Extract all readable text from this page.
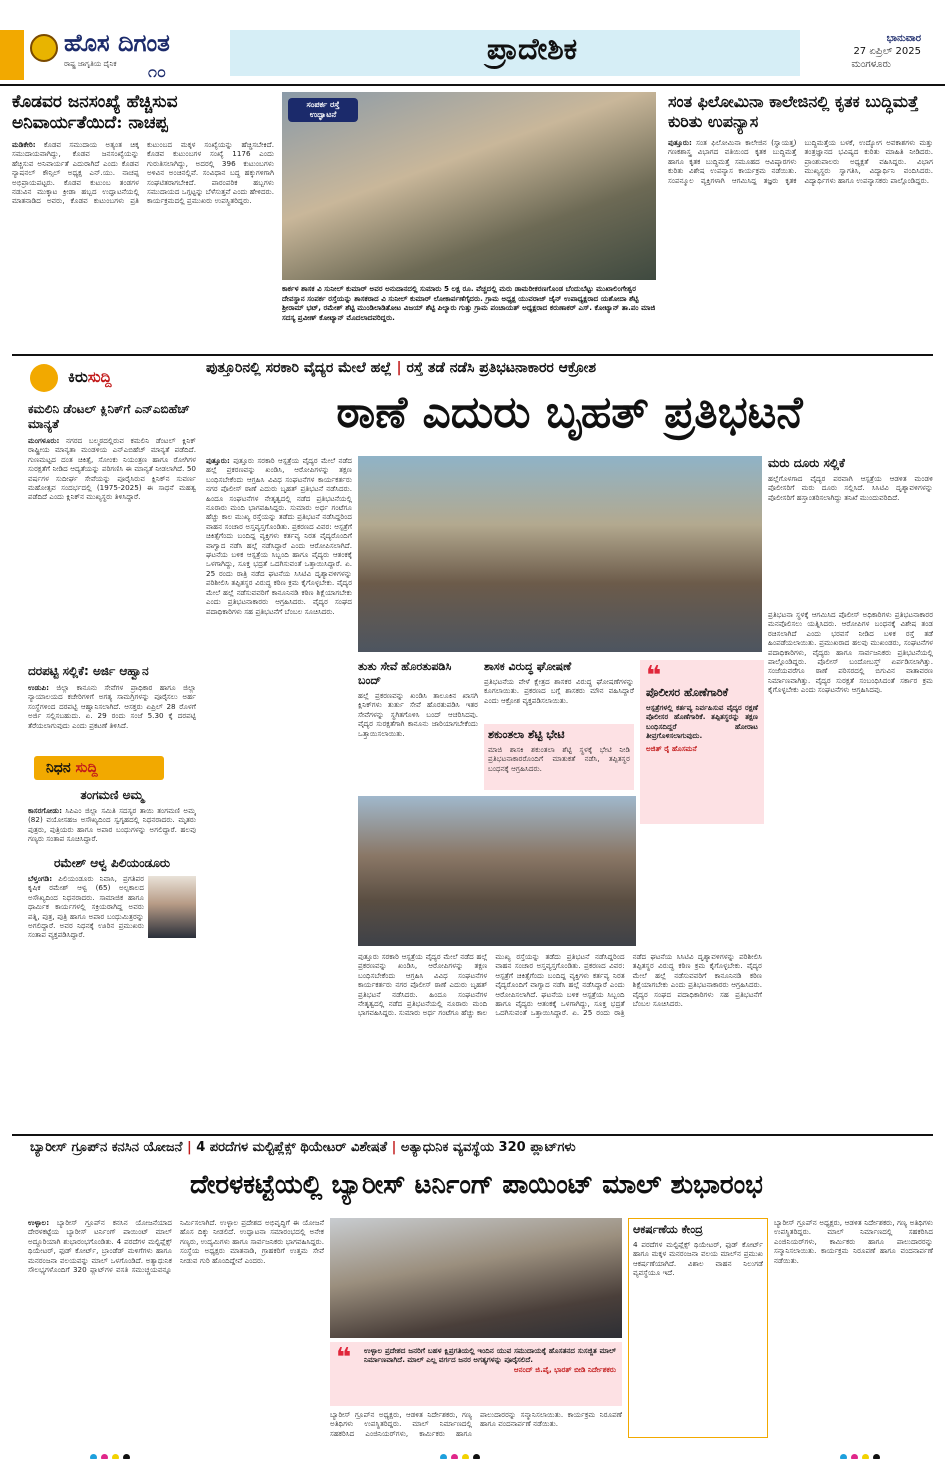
ಹೊಸ ದಿಗಂತ
ರಾಷ್ಟ್ರ ಜಾಗೃತಿಯ ದೈನಿಕ ೧೦
ಪ್ರಾದೇಶಿಕ	ಭಾನುವಾರ
27 ಏಪ್ರಿಲ್ 2025
ಮಂಗಳೂರು
ಕೊಡವರ ಜನಸಂಖ್ಯೆ ಹೆಚ್ಚಿಸುವ ಅನಿವಾರ್ಯತೆಯಿದೆ: ನಾಚಪ್ಪ
ಮಡಿಕೇರಿ: ಕೊಡವ ಸಮುದಾಯ ಅತ್ಯಂತ ಚಿಕ್ಕ ಸಮುದಾಯವಾಗಿದ್ದು, ಕೊಡವ ಜನಸಂಖ್ಯೆಯನ್ನು ಹೆಚ್ಚಿಸುವ ಅನಿವಾರ್ಯತೆ ಎದುರಾಗಿದೆ ಎಂದು ಕೊಡವ ನ್ಯಾಷನಲ್ ಕೌನ್ಸಿಲ್ ಅಧ್ಯಕ್ಷ ಎನ್.ಯು. ನಾಚಪ್ಪ ಅಭಿಪ್ರಾಯಪಟ್ಟರು. ಕೊಡವ ಕುಟುಂಬ ತಂಡಗಳ ನಡುವಿನ ಮುಕ್ಕಾಟ ಕ್ರೀಡಾ ಹಬ್ಬದ ಉದ್ಘಾಟನೆಯಲ್ಲಿ ಮಾತನಾಡಿದ ಅವರು, ಕೊಡವ ಕುಟುಂಬಗಳು ಪ್ರತಿ ಕುಟುಂಬದ ಮಕ್ಕಳ ಸಂಖ್ಯೆಯನ್ನು ಹೆಚ್ಚಿಸಬೇಕಿದೆ. ಕೊಡವ ಕುಟುಂಬಗಳ ಸಂಖ್ಯೆ 1176 ಎಂದು ಗುರುತಿಸಲಾಗಿದ್ದು, ಅದರಲ್ಲಿ 396 ಕುಟುಂಬಗಳು ಅಳಿವಿನ ಅಂಚಿನಲ್ಲಿವೆ. ಸಂವಿಧಾನ ಬದ್ಧ ಹಕ್ಕುಗಳಿಗಾಗಿ ಸಂಘಟಿತರಾಗಬೇಕಿದೆ. ಪಾರಂಪರಿಕ ಹಬ್ಬಗಳು ಸಮುದಾಯದ ಒಗ್ಗಟ್ಟನ್ನು ಬೆಳೆಸುತ್ತವೆ ಎಂದು ಹೇಳಿದರು. ಕಾರ್ಯಕ್ರಮದಲ್ಲಿ ಪ್ರಮುಖರು ಉಪಸ್ಥಿತರಿದ್ದರು.
ಸಂಪರ್ಕ ರಸ್ತೆ ಉದ್ಘಾಟನೆ
ಕಾರ್ಕಳ ಶಾಸಕ ವಿ ಸುನೀಲ್ ಕುಮಾರ್ ಅವರ ಅನುದಾನದಲ್ಲಿ ಸುಮಾರು 5 ಲಕ್ಷ ರೂ. ವೆಚ್ಚದಲ್ಲಿ ಮರು ಡಾಮರೀಕರಣಗೊಂಡ ಬೆಂದುಬೆಟ್ಟು ಮುಖಾಲಿಂಗೇಶ್ವರ ದೇವಸ್ಥಾನ ಸಂಪರ್ಕ ರಸ್ತೆಯನ್ನು ಶಾಸಕರಾದ ವಿ ಸುನೀಲ್ ಕುಮಾರ್ ಲೋಕಾರ್ಪಣೆಗೈದರು. ಗ್ರಾಮ ಅಧ್ಯಕ್ಷ ಯುವರಾಜ್ ಜೈನ್ ಉಪಾಧ್ಯಕ್ಷರಾದ ಯಶೋದಾ ಶೆಟ್ಟಿ ಶ್ರೀರಾಮ್ ಭಟ್, ರಮೇಶ್ ಶೆಟ್ಟಿ ಮುಂಡಿಲಾಡಿತೋಟ ವಿಜಯ್ ಶೆಟ್ಟಿ ಪಿಲ್ಯಾರು ಗುತ್ತು ಗ್ರಾಮ ಪಂಚಾಯತ್ ಅಧ್ಯಕ್ಷರಾದ ಕರುಣಾಕರ್ ಎಸ್. ಕೋಟ್ಯಾನ್ ತಾ.ಪಂ ಮಾಜಿ ಸದಸ್ಯ ಪ್ರವೀಣ್ ಕೋಟ್ಯಾನ್ ಮೊದಲಾದವರಿದ್ದರು.
ಸಂತ ಫಿಲೋಮಿನಾ ಕಾಲೇಜಿನಲ್ಲಿ ಕೃತಕ ಬುದ್ಧಿಮತ್ತೆ ಕುರಿತು ಉಪನ್ಯಾಸ
ಪುತ್ತೂರು: ಸಂತ ಫಿಲೋಮಿನಾ ಕಾಲೇಜಿನ (ಸ್ವಾಯತ್ತ) ಗಣಕಶಾಸ್ತ್ರ ವಿಭಾಗದ ವತಿಯಿಂದ ಕೃತಕ ಬುದ್ಧಿಮತ್ತೆ ಹಾಗೂ ಕೃತಕ ಬುದ್ಧಿಮತ್ತೆ ಸಮೂಹದ ಆವಿಷ್ಕಾರಗಳು ಕುರಿತು ವಿಶೇಷ ಉಪನ್ಯಾಸ ಕಾರ್ಯಕ್ರಮ ನಡೆಯಿತು. ಸಂಪನ್ಮೂಲ ವ್ಯಕ್ತಿಗಳಾಗಿ ಆಗಮಿಸಿದ್ದ ತಜ್ಞರು ಕೃತಕ ಬುದ್ಧಿಮತ್ತೆಯ ಬಳಕೆ, ಉದ್ಯೋಗ ಅವಕಾಶಗಳು ಮತ್ತು ತಂತ್ರಜ್ಞಾನದ ಭವಿಷ್ಯದ ಕುರಿತು ಮಾಹಿತಿ ನೀಡಿದರು. ಪ್ರಾಂಶುಪಾಲರು ಅಧ್ಯಕ್ಷತೆ ವಹಿಸಿದ್ದರು. ವಿಭಾಗ ಮುಖ್ಯಸ್ಥರು ಸ್ವಾಗತಿಸಿ, ವಿದ್ಯಾರ್ಥಿನಿ ವಂದಿಸಿದರು. ವಿದ್ಯಾರ್ಥಿಗಳು ಹಾಗೂ ಉಪನ್ಯಾಸಕರು ಪಾಲ್ಗೊಂಡಿದ್ದರು.
ಕಿರುಸುದ್ದಿ
ಕಮಲಿನಿ ಡೆಂಟಲ್ ಕ್ಲಿನಿಕ್‌ಗೆ ಎನ್‌ಎಬಿಹೆಚ್ ಮಾನ್ಯತೆ
ಮಂಗಳೂರು: ನಗರದ ಬಲ್ಮಠದಲ್ಲಿರುವ ಕಮಲಿನಿ ಡೆಂಟಲ್ ಕ್ಲಿನಿಕ್ ರಾಷ್ಟ್ರೀಯ ಮಾನ್ಯತಾ ಮಂಡಳಿಯ ಎನ್‌ಎಬಿಹೆಚ್ ಮಾನ್ಯತೆ ಪಡೆದಿದೆ. ಗುಣಮಟ್ಟದ ದಂತ ಚಿಕಿತ್ಸೆ, ಸೋಂಕು ನಿಯಂತ್ರಣ ಹಾಗೂ ರೋಗಿಗಳ ಸುರಕ್ಷತೆಗೆ ನೀಡಿದ ಆದ್ಯತೆಯನ್ನು ಪರಿಗಣಿಸಿ ಈ ಮಾನ್ಯತೆ ನೀಡಲಾಗಿದೆ. 50 ವರ್ಷಗಳ ಸುದೀರ್ಘ ಸೇವೆಯನ್ನು ಪೂರೈಸಿರುವ ಕ್ಲಿನಿಕ್‌ನ ಸುವರ್ಣ ಮಹೋತ್ಸವ ಸಂದರ್ಭದಲ್ಲಿ (1975-2025) ಈ ಸಾಧನೆ ಮಹತ್ವ ಪಡೆದಿದೆ ಎಂದು ಕ್ಲಿನಿಕ್‌ನ ಮುಖ್ಯಸ್ಥರು ತಿಳಿಸಿದ್ದಾರೆ.
ದರಪಟ್ಟಿ ಸಲ್ಲಿಕೆ: ಅರ್ಜಿ ಆಹ್ವಾನ
ಉಡುಪಿ: ಜಿಲ್ಲಾ ಕಾನೂನು ಸೇವೆಗಳ ಪ್ರಾಧಿಕಾರ ಹಾಗೂ ಜಿಲ್ಲಾ ನ್ಯಾಯಾಲಯದ ಕಚೇರಿಗಳಿಗೆ ಅಗತ್ಯ ಸಾಮಗ್ರಿಗಳನ್ನು ಪೂರೈಸಲು ಅರ್ಹ ಸಂಸ್ಥೆಗಳಿಂದ ದರಪಟ್ಟಿ ಆಹ್ವಾನಿಸಲಾಗಿದೆ. ಆಸಕ್ತರು ಏಪ್ರಿಲ್ 28 ರೊಳಗೆ ಅರ್ಜಿ ಸಲ್ಲಿಸಬಹುದು. ಏ. 29 ರಂದು ಸಂಜೆ 5.30 ಕ್ಕೆ ದರಪಟ್ಟಿ ತೆರೆಯಲಾಗುವುದು ಎಂದು ಪ್ರಕಟಣೆ ತಿಳಿಸಿದೆ.
ನಿಧನ ಸುದ್ದಿ
ತಂಗಮಣಿ ಅಮ್ಮ
ಕಾಸರಗೋಡು: ಸಿಪಿಎಂ ಜಿಲ್ಲಾ ಸಮಿತಿ ಸದಸ್ಯರ ತಾಯಿ ತಂಗಮಣಿ ಅಮ್ಮ (82) ವಯೋಸಹಜ ಅಸೌಖ್ಯದಿಂದ ಸ್ವಗೃಹದಲ್ಲಿ ನಿಧನರಾದರು. ಮೃತರು ಪುತ್ರರು, ಪುತ್ರಿಯರು ಹಾಗೂ ಅಪಾರ ಬಂಧುಗಳನ್ನು ಅಗಲಿದ್ದಾರೆ. ಹಲವು ಗಣ್ಯರು ಸಂತಾಪ ಸೂಚಿಸಿದ್ದಾರೆ.
ರಮೇಶ್ ಆಳ್ವ ಪಿಲಿಯಂಡೂರು
ಬೆಳ್ತಂಗಡಿ: ಪಿಲಿಯಂಡೂರು ನಿವಾಸಿ, ಪ್ರಗತಿಪರ ಕೃಷಿಕ ರಮೇಶ್ ಆಳ್ವ (65) ಅಲ್ಪಕಾಲದ ಅಸೌಖ್ಯದಿಂದ ನಿಧನರಾದರು. ಸಾಮಾಜಿಕ ಹಾಗೂ ಧಾರ್ಮಿಕ ಕಾರ್ಯಗಳಲ್ಲಿ ಸಕ್ರಿಯರಾಗಿದ್ದ ಅವರು ಪತ್ನಿ, ಪುತ್ರ, ಪುತ್ರಿ ಹಾಗೂ ಅಪಾರ ಬಂಧುಮಿತ್ರರನ್ನು ಅಗಲಿದ್ದಾರೆ. ಅವರ ನಿಧನಕ್ಕೆ ಊರಿನ ಪ್ರಮುಖರು ಸಂತಾಪ ವ್ಯಕ್ತಪಡಿಸಿದ್ದಾರೆ.
ಪುತ್ತೂರಿನಲ್ಲಿ ಸರಕಾರಿ ವೈದ್ಯರ ಮೇಲೆ ಹಲ್ಲೆ | ರಸ್ತೆ ತಡೆ ನಡೆಸಿ ಪ್ರತಿಭಟನಾಕಾರರ ಆಕ್ರೋಶ
ಠಾಣೆ ಎದುರು ಬೃಹತ್ ಪ್ರತಿಭಟನೆ
ಪುತ್ತೂರು: ಪುತ್ತೂರು ಸರಕಾರಿ ಆಸ್ಪತ್ರೆಯ ವೈದ್ಯರ ಮೇಲೆ ನಡೆದ ಹಲ್ಲೆ ಪ್ರಕರಣವನ್ನು ಖಂಡಿಸಿ, ಆರೋಪಿಗಳನ್ನು ತಕ್ಷಣ ಬಂಧಿಸಬೇಕೆಂದು ಆಗ್ರಹಿಸಿ ವಿವಿಧ ಸಂಘಟನೆಗಳ ಕಾರ್ಯಕರ್ತರು ನಗರ ಪೊಲೀಸ್ ಠಾಣೆ ಎದುರು ಬೃಹತ್ ಪ್ರತಿಭಟನೆ ನಡೆಸಿದರು. ಹಿಂದೂ ಸಂಘಟನೆಗಳ ನೇತೃತ್ವದಲ್ಲಿ ನಡೆದ ಪ್ರತಿಭಟನೆಯಲ್ಲಿ ನೂರಾರು ಮಂದಿ ಭಾಗವಹಿಸಿದ್ದರು. ಸುಮಾರು ಅರ್ಧ ಗಂಟೆಗೂ ಹೆಚ್ಚು ಕಾಲ ಮುಖ್ಯ ರಸ್ತೆಯನ್ನು ತಡೆದು ಪ್ರತಿಭಟನೆ ನಡೆಸಿದ್ದರಿಂದ ವಾಹನ ಸಂಚಾರ ಅಸ್ತವ್ಯಸ್ತಗೊಂಡಿತು. ಪ್ರಕರಣದ ವಿವರ: ಆಸ್ಪತ್ರೆಗೆ ಚಿಕಿತ್ಸೆಗೆಂದು ಬಂದಿದ್ದ ವ್ಯಕ್ತಿಗಳು ಕರ್ತವ್ಯ ನಿರತ ವೈದ್ಯರೊಂದಿಗೆ ವಾಗ್ವಾದ ನಡೆಸಿ ಹಲ್ಲೆ ನಡೆಸಿದ್ದಾರೆ ಎಂದು ಆರೋಪಿಸಲಾಗಿದೆ. ಘಟನೆಯ ಬಳಿಕ ಆಸ್ಪತ್ರೆಯ ಸಿಬ್ಬಂದಿ ಹಾಗೂ ವೈದ್ಯರು ಆತಂಕಕ್ಕೆ ಒಳಗಾಗಿದ್ದು, ಸೂಕ್ತ ಭದ್ರತೆ ಒದಗಿಸುವಂತೆ ಒತ್ತಾಯಿಸಿದ್ದಾರೆ. ಏ. 25 ರಂದು ರಾತ್ರಿ ನಡೆದ ಘಟನೆಯ ಸಿಸಿಟಿವಿ ದೃಶ್ಯಾವಳಿಗಳನ್ನು ಪರಿಶೀಲಿಸಿ ತಪ್ಪಿತಸ್ಥರ ವಿರುದ್ಧ ಕಠಿಣ ಕ್ರಮ ಕೈಗೊಳ್ಳಬೇಕು. ವೈದ್ಯರ ಮೇಲೆ ಹಲ್ಲೆ ನಡೆಸುವವರಿಗೆ ಕಾನೂನಿನಡಿ ಕಠಿಣ ಶಿಕ್ಷೆಯಾಗಬೇಕು ಎಂದು ಪ್ರತಿಭಟನಾಕಾರರು ಆಗ್ರಹಿಸಿದರು. ವೈದ್ಯರ ಸಂಘದ ಪದಾಧಿಕಾರಿಗಳು ಸಹ ಪ್ರತಿಭಟನೆಗೆ ಬೆಂಬಲ ಸೂಚಿಸಿದರು.
ಮರು ದೂರು ಸಲ್ಲಿಕೆ
ಹಲ್ಲೆಗೊಳಗಾದ ವೈದ್ಯರ ಪರವಾಗಿ ಆಸ್ಪತ್ರೆಯ ಆಡಳಿತ ಮಂಡಳಿ ಪೊಲೀಸರಿಗೆ ಮರು ದೂರು ಸಲ್ಲಿಸಿದೆ. ಸಿಸಿಟಿವಿ ದೃಶ್ಯಾವಳಿಗಳನ್ನು ಪೊಲೀಸರಿಗೆ ಹಸ್ತಾಂತರಿಸಲಾಗಿದ್ದು ತನಿಖೆ ಮುಂದುವರಿದಿದೆ.
ತುತು ಸೇವೆ ಹೊರತುಪಡಿಸಿ ಬಂದ್
ಹಲ್ಲೆ ಪ್ರಕರಣವನ್ನು ಖಂಡಿಸಿ ತಾಲೂಕಿನ ಖಾಸಗಿ ಕ್ಲಿನಿಕ್‌ಗಳು ತುರ್ತು ಸೇವೆ ಹೊರತುಪಡಿಸಿ ಇತರ ಸೇವೆಗಳನ್ನು ಸ್ಥಗಿತಗೊಳಿಸಿ ಬಂದ್ ಆಚರಿಸಿದವು. ವೈದ್ಯರ ಸುರಕ್ಷತೆಗಾಗಿ ಕಾನೂನು ಜಾರಿಯಾಗಬೇಕೆಂದು ಒತ್ತಾಯಿಸಲಾಯಿತು.
ಶಾಸಕ ವಿರುದ್ಧ ಘೋಷಣೆ
ಪ್ರತಿಭಟನೆಯ ವೇಳೆ ಕ್ಷೇತ್ರದ ಶಾಸಕರ ವಿರುದ್ಧ ಘೋಷಣೆಗಳನ್ನು ಕೂಗಲಾಯಿತು. ಪ್ರಕರಣದ ಬಗ್ಗೆ ಶಾಸಕರು ಮೌನ ವಹಿಸಿದ್ದಾರೆ ಎಂದು ಆಕ್ರೋಶ ವ್ಯಕ್ತಪಡಿಸಲಾಯಿತು.
ಶಕುಂತಲಾ ಶೆಟ್ಟಿ ಭೇಟಿ
ಮಾಜಿ ಶಾಸಕಿ ಶಕುಂತಲಾ ಶೆಟ್ಟಿ ಸ್ಥಳಕ್ಕೆ ಭೇಟಿ ನೀಡಿ ಪ್ರತಿಭಟನಾಕಾರರೊಂದಿಗೆ ಮಾತುಕತೆ ನಡೆಸಿ, ತಪ್ಪಿತಸ್ಥರ ಬಂಧನಕ್ಕೆ ಆಗ್ರಹಿಸಿದರು.
❝
ಪೊಲೀಸರ ಹೊಣೆಗಾರಿಕೆ
ಆಸ್ಪತ್ರೆಗಳಲ್ಲಿ ಕರ್ತವ್ಯ ನಿರ್ವಹಿಸುವ ವೈದ್ಯರ ರಕ್ಷಣೆ ಪೊಲೀಸರ ಹೊಣೆಗಾರಿಕೆ. ತಪ್ಪಿತಸ್ಥರನ್ನು ತಕ್ಷಣ ಬಂಧಿಸದಿದ್ದರೆ ಹೋರಾಟ ತೀವ್ರಗೊಳಿಸಲಾಗುವುದು.
ಅಜಿತ್ ರೈ ಹೊಸಮನೆ
ಪ್ರತಿಭಟನಾ ಸ್ಥಳಕ್ಕೆ ಆಗಮಿಸಿದ ಪೊಲೀಸ್ ಅಧಿಕಾರಿಗಳು ಪ್ರತಿಭಟನಾಕಾರರ ಮನವೊಲಿಸಲು ಯತ್ನಿಸಿದರು. ಆರೋಪಿಗಳ ಬಂಧನಕ್ಕೆ ವಿಶೇಷ ತಂಡ ರಚಿಸಲಾಗಿದೆ ಎಂದು ಭರವಸೆ ನೀಡಿದ ಬಳಿಕ ರಸ್ತೆ ತಡೆ ಹಿಂಪಡೆಯಲಾಯಿತು. ಪ್ರಮುಖರಾದ ಹಲವು ಮುಖಂಡರು, ಸಂಘಟನೆಗಳ ಪದಾಧಿಕಾರಿಗಳು, ವೈದ್ಯರು ಹಾಗೂ ಸಾರ್ವಜನಿಕರು ಪ್ರತಿಭಟನೆಯಲ್ಲಿ ಪಾಲ್ಗೊಂಡಿದ್ದರು. ಪೊಲೀಸ್ ಬಂದೋಬಸ್ತ್ ಏರ್ಪಡಿಸಲಾಗಿತ್ತು. ಸಂಜೆಯವರೆಗೂ ಠಾಣೆ ಪರಿಸರದಲ್ಲಿ ಬಿಗುವಿನ ವಾತಾವರಣ ನಿರ್ಮಾಣವಾಗಿತ್ತು. ವೈದ್ಯರ ಸುರಕ್ಷತೆ ಸಂಬಂಧಿಸಿದಂತೆ ಸರ್ಕಾರ ಕ್ರಮ ಕೈಗೊಳ್ಳಬೇಕು ಎಂದು ಸಂಘಟನೆಗಳು ಆಗ್ರಹಿಸಿದವು.
ಪುತ್ತೂರು ಸರಕಾರಿ ಆಸ್ಪತ್ರೆಯ ವೈದ್ಯರ ಮೇಲೆ ನಡೆದ ಹಲ್ಲೆ ಪ್ರಕರಣವನ್ನು ಖಂಡಿಸಿ, ಆರೋಪಿಗಳನ್ನು ತಕ್ಷಣ ಬಂಧಿಸಬೇಕೆಂದು ಆಗ್ರಹಿಸಿ ವಿವಿಧ ಸಂಘಟನೆಗಳ ಕಾರ್ಯಕರ್ತರು ನಗರ ಪೊಲೀಸ್ ಠಾಣೆ ಎದುರು ಬೃಹತ್ ಪ್ರತಿಭಟನೆ ನಡೆಸಿದರು. ಹಿಂದೂ ಸಂಘಟನೆಗಳ ನೇತೃತ್ವದಲ್ಲಿ ನಡೆದ ಪ್ರತಿಭಟನೆಯಲ್ಲಿ ನೂರಾರು ಮಂದಿ ಭಾಗವಹಿಸಿದ್ದರು. ಸುಮಾರು ಅರ್ಧ ಗಂಟೆಗೂ ಹೆಚ್ಚು ಕಾಲ ಮುಖ್ಯ ರಸ್ತೆಯನ್ನು ತಡೆದು ಪ್ರತಿಭಟನೆ ನಡೆಸಿದ್ದರಿಂದ ವಾಹನ ಸಂಚಾರ ಅಸ್ತವ್ಯಸ್ತಗೊಂಡಿತು. ಪ್ರಕರಣದ ವಿವರ: ಆಸ್ಪತ್ರೆಗೆ ಚಿಕಿತ್ಸೆಗೆಂದು ಬಂದಿದ್ದ ವ್ಯಕ್ತಿಗಳು ಕರ್ತವ್ಯ ನಿರತ ವೈದ್ಯರೊಂದಿಗೆ ವಾಗ್ವಾದ ನಡೆಸಿ ಹಲ್ಲೆ ನಡೆಸಿದ್ದಾರೆ ಎಂದು ಆರೋಪಿಸಲಾಗಿದೆ. ಘಟನೆಯ ಬಳಿಕ ಆಸ್ಪತ್ರೆಯ ಸಿಬ್ಬಂದಿ ಹಾಗೂ ವೈದ್ಯರು ಆತಂಕಕ್ಕೆ ಒಳಗಾಗಿದ್ದು, ಸೂಕ್ತ ಭದ್ರತೆ ಒದಗಿಸುವಂತೆ ಒತ್ತಾಯಿಸಿದ್ದಾರೆ. ಏ. 25 ರಂದು ರಾತ್ರಿ ನಡೆದ ಘಟನೆಯ ಸಿಸಿಟಿವಿ ದೃಶ್ಯಾವಳಿಗಳನ್ನು ಪರಿಶೀಲಿಸಿ ತಪ್ಪಿತಸ್ಥರ ವಿರುದ್ಧ ಕಠಿಣ ಕ್ರಮ ಕೈಗೊಳ್ಳಬೇಕು. ವೈದ್ಯರ ಮೇಲೆ ಹಲ್ಲೆ ನಡೆಸುವವರಿಗೆ ಕಾನೂನಿನಡಿ ಕಠಿಣ ಶಿಕ್ಷೆಯಾಗಬೇಕು ಎಂದು ಪ್ರತಿಭಟನಾಕಾರರು ಆಗ್ರಹಿಸಿದರು. ವೈದ್ಯರ ಸಂಘದ ಪದಾಧಿಕಾರಿಗಳು ಸಹ ಪ್ರತಿಭಟನೆಗೆ ಬೆಂಬಲ ಸೂಚಿಸಿದರು.
ಬ್ಯಾರೀಸ್ ಗ್ರೂಪ್‌ನ ಕನಸಿನ ಯೋಜನೆ | 4 ಪರದೆಗಳ ಮಲ್ಟಿಪ್ಲೆಕ್ಸ್ ಥಿಯೇಟರ್ ವಿಶೇಷತೆ | ಅತ್ಯಾಧುನಿಕ ವ್ಯವಸ್ಥೆಯ 320 ಪ್ಲಾಟ್‌ಗಳು
ದೇರಳಕಟ್ಟೆಯಲ್ಲಿ ಬ್ಯಾರೀಸ್ ಟರ್ನಿಂಗ್ ಪಾಯಿಂಟ್ ಮಾಲ್ ಶುಭಾರಂಭ
ಉಳ್ಳಾಲ: ಬ್ಯಾರೀಸ್ ಗ್ರೂಪ್‌ನ ಕನಸಿನ ಯೋಜನೆಯಾದ ದೇರಳಕಟ್ಟೆಯ ಬ್ಯಾರೀಸ್ ಟರ್ನಿಂಗ್ ಪಾಯಿಂಟ್ ಮಾಲ್ ಅದ್ದೂರಿಯಾಗಿ ಶುಭಾರಂಭಗೊಂಡಿತು. 4 ಪರದೆಗಳ ಮಲ್ಟಿಪ್ಲೆಕ್ಸ್ ಥಿಯೇಟರ್, ಫುಡ್ ಕೋರ್ಟ್, ಬ್ರಾಂಡೆಡ್ ಮಳಿಗೆಗಳು ಹಾಗೂ ಮನರಂಜನಾ ವಲಯವನ್ನು ಮಾಲ್ ಒಳಗೊಂಡಿದೆ. ಅತ್ಯಾಧುನಿಕ ಸೌಲಭ್ಯಗಳೊಂದಿಗೆ 320 ಪ್ಲಾಟ್‌ಗಳ ವಸತಿ ಸಮುಚ್ಚಯವನ್ನೂ ನಿರ್ಮಿಸಲಾಗಿದೆ. ಉಳ್ಳಾಲ ಪ್ರದೇಶದ ಅಭಿವೃದ್ಧಿಗೆ ಈ ಯೋಜನೆ ಹೊಸ ದಿಕ್ಕು ನೀಡಲಿದೆ. ಉದ್ಘಾಟನಾ ಸಮಾರಂಭದಲ್ಲಿ ಅನೇಕ ಗಣ್ಯರು, ಉದ್ಯಮಿಗಳು ಹಾಗೂ ಸಾರ್ವಜನಿಕರು ಭಾಗವಹಿಸಿದ್ದರು. ಸಂಸ್ಥೆಯ ಅಧ್ಯಕ್ಷರು ಮಾತನಾಡಿ, ಗ್ರಾಹಕರಿಗೆ ಉತ್ತಮ ಸೇವೆ ನೀಡುವ ಗುರಿ ಹೊಂದಿದ್ದೇವೆ ಎಂದರು.
❝ ಉಳ್ಳಾಲ ಪ್ರದೇಶದ ಜನರಿಗೆ ಬಹಳ ಕ್ಷಿಪ್ರಗತಿಯಲ್ಲಿ ಇಂದಿನ ಯುವ ಸಮುದಾಯಕ್ಕೆ ಹೊಸತನದ ಸುಸಜ್ಜಿತ ಮಾಲ್ ನಿರ್ಮಾಣವಾಗಿದೆ. ಮಾಲ್ ಎಲ್ಲ ವರ್ಗದ ಜನರ ಅಗತ್ಯಗಳನ್ನು ಪೂರೈಸಲಿದೆ.
ಆನಂದ್ ಜಿ.ಪೈ, ಭಾರತ್ ಬೀಡಿ ನಿರ್ದೇಶಕರು
ಬ್ಯಾರೀಸ್ ಗ್ರೂಪ್‌ನ ಅಧ್ಯಕ್ಷರು, ಆಡಳಿತ ನಿರ್ದೇಶಕರು, ಗಣ್ಯ ಅತಿಥಿಗಳು ಉಪಸ್ಥಿತರಿದ್ದರು. ಮಾಲ್ ನಿರ್ಮಾಣದಲ್ಲಿ ಸಹಕರಿಸಿದ ಎಂಜಿನಿಯರ್‌ಗಳು, ಕಾರ್ಮಿಕರು ಹಾಗೂ ಪಾಲುದಾರರನ್ನು ಸನ್ಮಾನಿಸಲಾಯಿತು. ಕಾರ್ಯಕ್ರಮ ನಿರೂಪಣೆ ಹಾಗೂ ವಂದನಾರ್ಪಣೆ ನಡೆಯಿತು.
ಆಕರ್ಷಣೆಯ ಕೇಂದ್ರ
4 ಪರದೆಗಳ ಮಲ್ಟಿಪ್ಲೆಕ್ಸ್ ಥಿಯೇಟರ್, ಫುಡ್ ಕೋರ್ಟ್ ಹಾಗೂ ಮಕ್ಕಳ ಮನರಂಜನಾ ವಲಯ ಮಾಲ್‌ನ ಪ್ರಮುಖ ಆಕರ್ಷಣೆಯಾಗಿದೆ. ವಿಶಾಲ ವಾಹನ ನಿಲುಗಡೆ ವ್ಯವಸ್ಥೆಯೂ ಇದೆ.
ಬ್ಯಾರೀಸ್ ಗ್ರೂಪ್‌ನ ಅಧ್ಯಕ್ಷರು, ಆಡಳಿತ ನಿರ್ದೇಶಕರು, ಗಣ್ಯ ಅತಿಥಿಗಳು ಉಪಸ್ಥಿತರಿದ್ದರು. ಮಾಲ್ ನಿರ್ಮಾಣದಲ್ಲಿ ಸಹಕರಿಸಿದ ಎಂಜಿನಿಯರ್‌ಗಳು, ಕಾರ್ಮಿಕರು ಹಾಗೂ ಪಾಲುದಾರರನ್ನು ಸನ್ಮಾನಿಸಲಾಯಿತು. ಕಾರ್ಯಕ್ರಮ ನಿರೂಪಣೆ ಹಾಗೂ ವಂದನಾರ್ಪಣೆ ನಡೆಯಿತು.
